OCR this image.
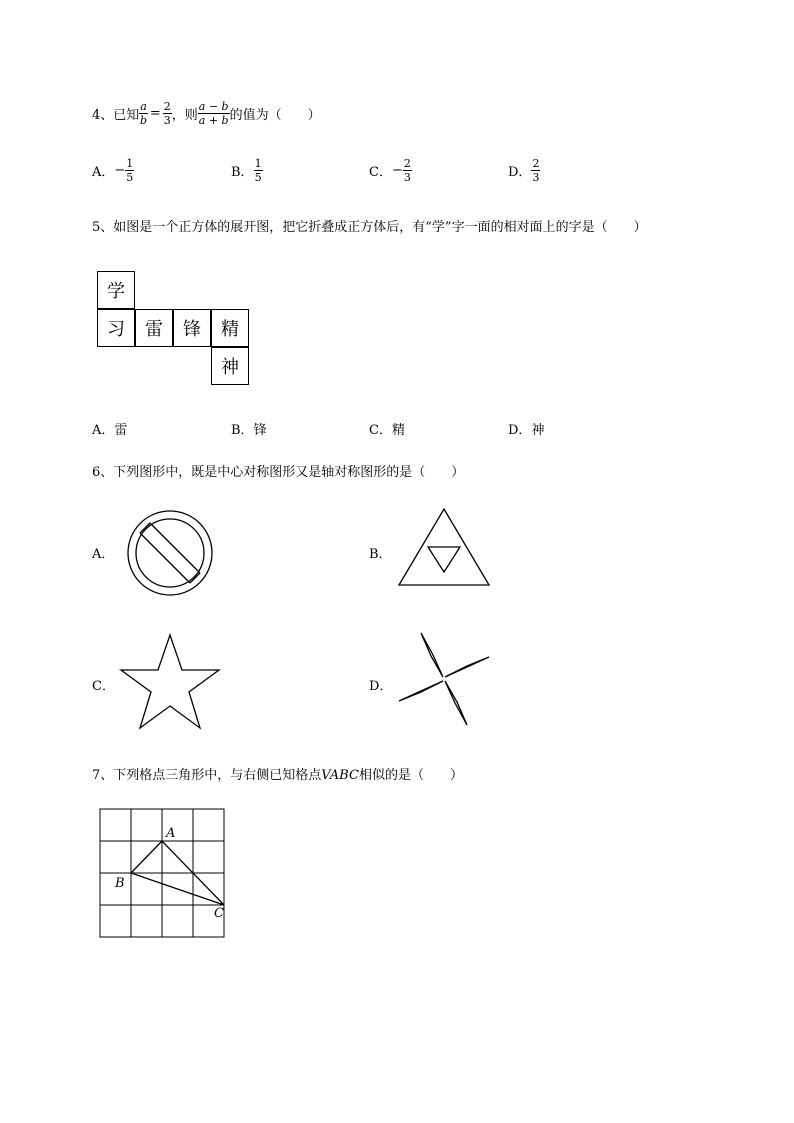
4、已知 $\frac{a}{b} = \frac{2}{3}$ ，则 $\frac{a - b}{a + b}$ 的值为（　　）
A．− $\frac{1}{5}$	B． $\frac{1}{5}$	C．− $\frac{2}{3}$	D． $\frac{2}{3}$
5、如图是一个正方体的展开图，把它折叠成正方体后，有“学”字一面的相对面上的字是（　　）
学
习	雷	锋	精
神
A．雷	B．锋	C．精	D．神
6、下列图形中，既是中心对称图形又是轴对称图形的是（　　）
A．	B．
C．	D．
7、下列格点三角形中，与右侧已知格点VABC相似的是（　　）
A
B
C
